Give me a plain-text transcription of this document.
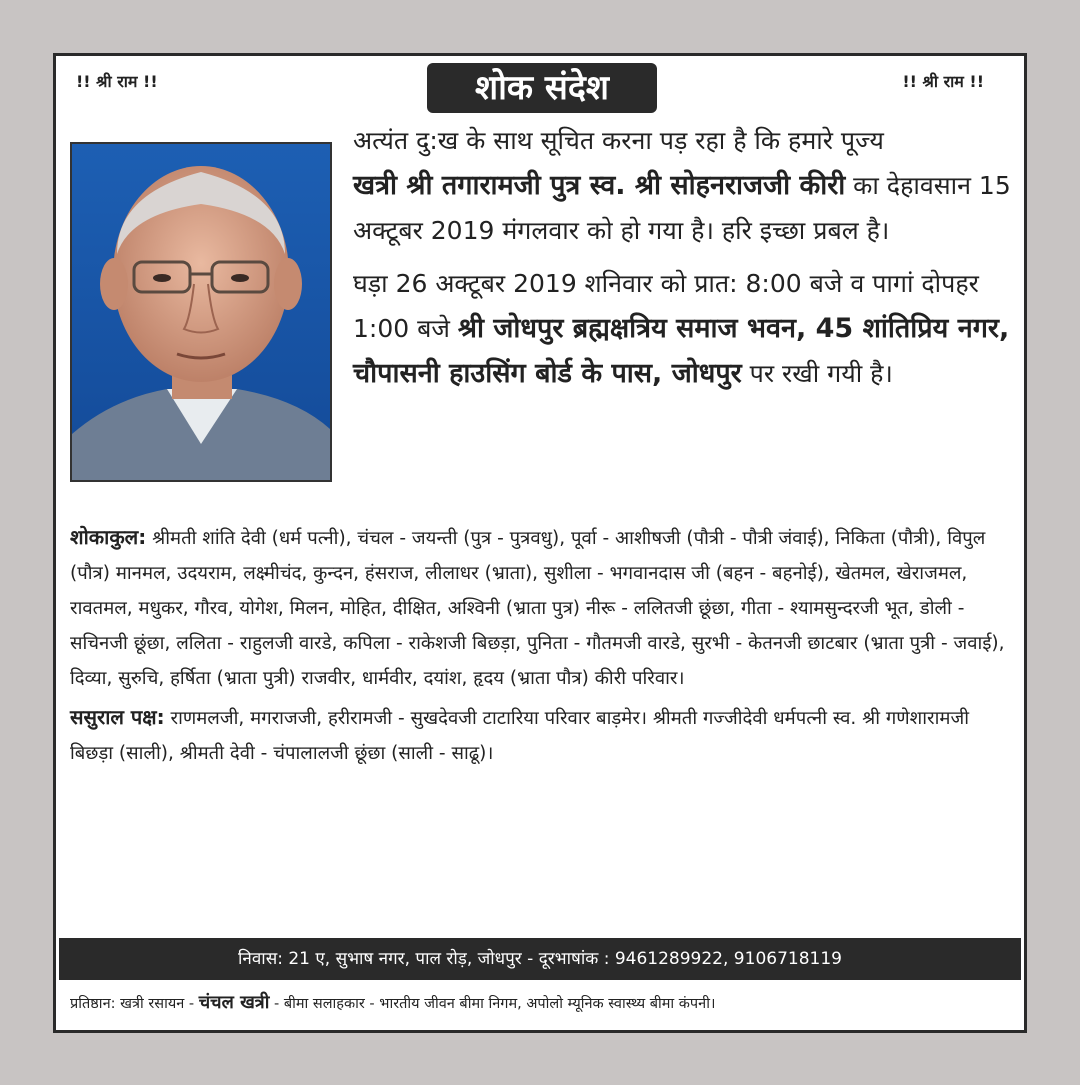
!! श्री राम !!	शोक संदेश	!! श्री राम !!

अत्यंत दु:ख के साथ सूचित करना पड़ रहा है कि हमारे पूज्य
खत्री श्री तगारामजी पुत्र स्व. श्री सोहनराजजी कीरी का देहावसान 15 अक्टूबर 2019 मंगलवार को हो गया है। हरि इच्छा प्रबल है।

घड़ा 26 अक्टूबर 2019 शनिवार को प्रात: 8:00 बजे व पागां दोपहर 1:00 बजे श्री जोधपुर ब्रह्मक्षत्रिय समाज भवन, 45 शांतिप्रिय नगर, चौपासनी हाउसिंग बोर्ड के पास, जोधपुर पर रखी गयी है।

शोकाकुल: श्रीमती शांति देवी (धर्म पत्नी), चंचल - जयन्ती (पुत्र - पुत्रवधु), पूर्वा - आशीषजी (पौत्री - पौत्री जंवाई), निकिता (पौत्री), विपुल (पौत्र) मानमल, उदयराम, लक्ष्मीचंद, कुन्दन, हंसराज, लीलाधर (भ्राता), सुशीला - भगवानदास जी (बहन - बहनोई), खेतमल, खेराजमल, रावतमल, मधुकर, गौरव, योगेश, मिलन, मोहित, दीक्षित, अश्विनी (भ्राता पुत्र) नीरू - ललितजी छूंछा, गीता - श्यामसुन्दरजी भूत, डोली - सचिनजी छूंछा, ललिता - राहुलजी वारडे, कपिला - राकेशजी बिछड़ा, पुनिता - गौतमजी वारडे, सुरभी - केतनजी छाटबार (भ्राता पुत्री - जवाई), दिव्या, सुरुचि, हर्षिता (भ्राता पुत्री) राजवीर, धार्मवीर, दयांश, हृदय (भ्राता पौत्र) कीरी परिवार।

ससुराल पक्ष: राणमलजी, मगराजजी, हरीरामजी - सुखदेवजी टाटारिया परिवार बाड़मेर। श्रीमती गज्जीदेवी धर्मपत्नी स्व. श्री गणेशारामजी बिछड़ा (साली), श्रीमती देवी - चंपालालजी छूंछा (साली - साढू)।

निवास: 21 ए, सुभाष नगर, पाल रोड़, जोधपुर - दूरभाषांक : 9461289922, 9106718119
प्रतिष्ठान: खत्री रसायन - चंचल खत्री - बीमा सलाहकार - भारतीय जीवन बीमा निगम, अपोलो म्यूनिक स्वास्थ्य बीमा कंपनी।
